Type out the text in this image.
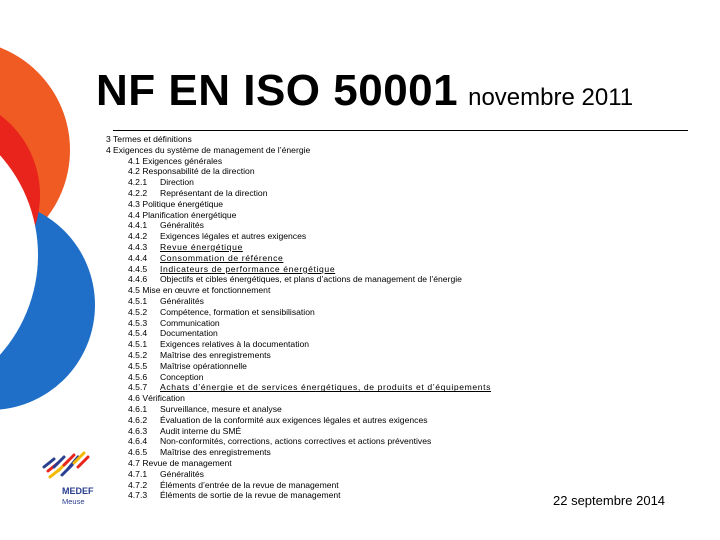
NF EN ISO 50001 novembre 2011
3 Termes et définitions
4 Exigences du système de management de l’énergie
4.1 Exigences générales
4.2 Responsabilité de la direction
4.2.1 Direction
4.2.2 Représentant de la direction
4.3 Politique énergétique
4.4 Planification énergétique
4.4.1 Généralités
4.4.2 Exigences légales et autres exigences
4.4.3 Revue énergétique
4.4.4 Consommation de référence
4.4.5 Indicateurs de performance énergétique
4.4.6 Objectifs et cibles énergétiques, et plans d’actions de management de l’énergie
4.5 Mise en œuvre et fonctionnement
4.5.1 Généralités
4.5.2 Compétence, formation et sensibilisation
4.5.3 Communication
4.5.4 Documentation
4.5.1 Exigences relatives à la documentation
4.5.2 Maîtrise des enregistrements
4.5.5 Maîtrise opérationnelle
4.5.6 Conception
4.5.7 Achats d’énergie et de services énergétiques, de produits et d’équipements
4.6 Vérification
4.6.1 Surveillance, mesure et analyse
4.6.2 Évaluation de la conformité aux exigences légales et autres exigences
4.6.3 Audit interne du SMÉ
4.6.4 Non-conformités, corrections, actions correctives et actions préventives
4.6.5 Maîtrise des enregistrements
4.7 Revue de management
4.7.1 Généralités
4.7.2 Éléments d’entrée de la revue de management
4.7.3 Éléments de sortie de la revue de management
MEDEF
Meuse	22 septembre 2014
